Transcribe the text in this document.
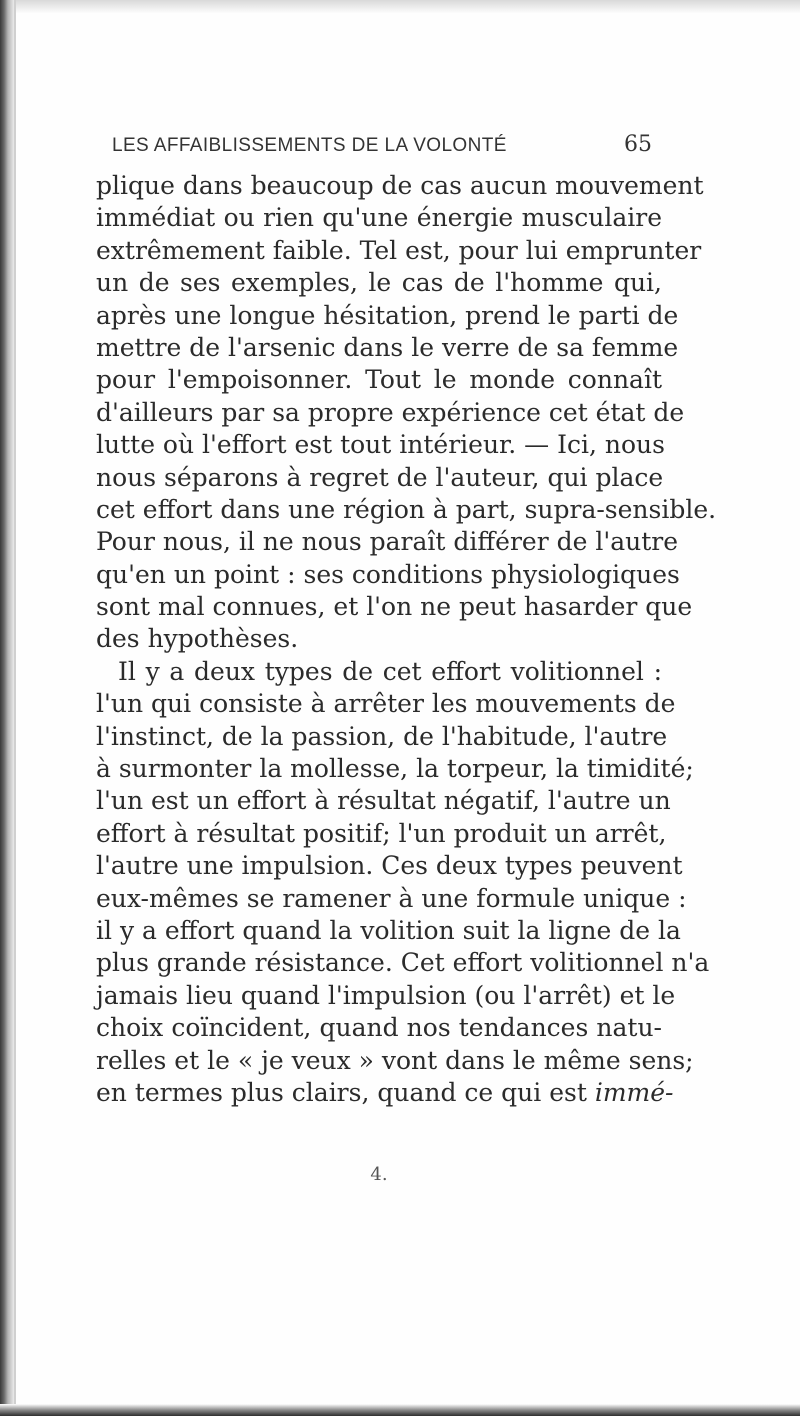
LES AFFAIBLISSEMENTS DE LA VOLONTÉ	65
plique dans beaucoup de cas aucun mouvement
immédiat ou rien qu'une énergie musculaire
extrêmement faible. Tel est, pour lui emprunter
un de ses exemples, le cas de l'homme qui,
après une longue hésitation, prend le parti de
mettre de l'arsenic dans le verre de sa femme
pour l'empoisonner. Tout le monde connaît
d'ailleurs par sa propre expérience cet état de
lutte où l'effort est tout intérieur. — Ici, nous
nous séparons à regret de l'auteur, qui place
cet effort dans une région à part, supra-sensible.
Pour nous, il ne nous paraît différer de l'autre
qu'en un point : ses conditions physiologiques
sont mal connues, et l'on ne peut hasarder que
des hypothèses.
Il y a deux types de cet effort volitionnel :
l'un qui consiste à arrêter les mouvements de
l'instinct, de la passion, de l'habitude, l'autre
à surmonter la mollesse, la torpeur, la timidité;
l'un est un effort à résultat négatif, l'autre un
effort à résultat positif; l'un produit un arrêt,
l'autre une impulsion. Ces deux types peuvent
eux-mêmes se ramener à une formule unique :
il y a effort quand la volition suit la ligne de la
plus grande résistance. Cet effort volitionnel n'a
jamais lieu quand l'impulsion (ou l'arrêt) et le
choix coïncident, quand nos tendances natu-
relles et le « je veux » vont dans le même sens;
en termes plus clairs, quand ce qui est immé-
4.
